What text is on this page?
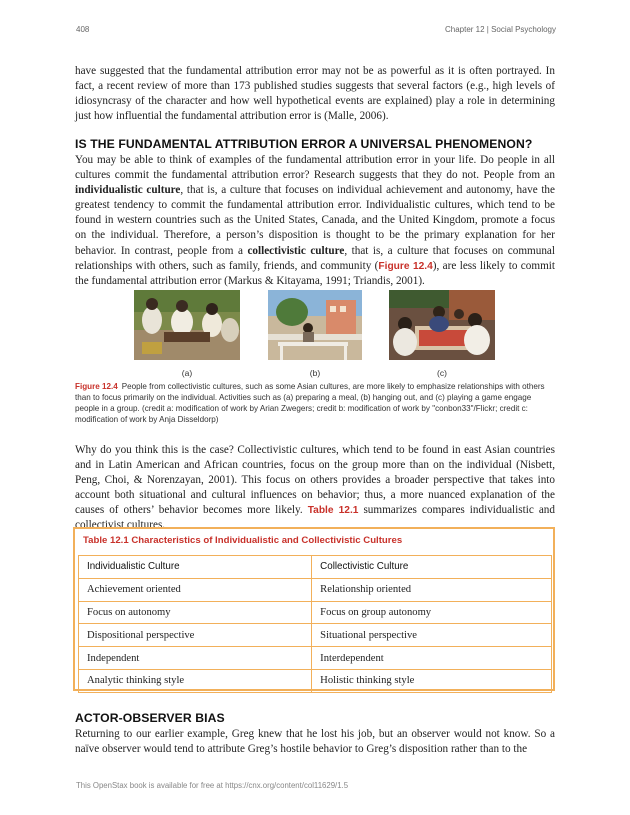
408	Chapter 12 | Social Psychology
have suggested that the fundamental attribution error may not be as powerful as it is often portrayed. In fact, a recent review of more than 173 published studies suggests that several factors (e.g., high levels of idiosyncrasy of the character and how well hypothetical events are explained) play a role in determining just how influential the fundamental attribution error is (Malle, 2006).
IS THE FUNDAMENTAL ATTRIBUTION ERROR A UNIVERSAL PHENOMENON?
You may be able to think of examples of the fundamental attribution error in your life. Do people in all cultures commit the fundamental attribution error? Research suggests that they do not. People from an individualistic culture, that is, a culture that focuses on individual achievement and autonomy, have the greatest tendency to commit the fundamental attribution error. Individualistic cultures, which tend to be found in western countries such as the United States, Canada, and the United Kingdom, promote a focus on the individual. Therefore, a person’s disposition is thought to be the primary explanation for her behavior. In contrast, people from a collectivistic culture, that is, a culture that focuses on communal relationships with others, such as family, friends, and community (Figure 12.4), are less likely to commit the fundamental attribution error (Markus & Kitayama, 1991; Triandis, 2001).
(a)	(b)	(c)
Figure 12.4 People from collectivistic cultures, such as some Asian cultures, are more likely to emphasize relationships with others than to focus primarily on the individual. Activities such as (a) preparing a meal, (b) hanging out, and (c) playing a game engage people in a group. (credit a: modification of work by Arian Zwegers; credit b: modification of work by "conbon33"/Flickr; credit c: modification of work by Anja Disseldorp)
Why do you think this is the case? Collectivistic cultures, which tend to be found in east Asian countries and in Latin American and African countries, focus on the group more than on the individual (Nisbett, Peng, Choi, & Norenzayan, 2001). This focus on others provides a broader perspective that takes into account both situational and cultural influences on behavior; thus, a more nuanced explanation of the causes of others’ behavior becomes more likely. Table 12.1 summarizes compares individualistic and collectivist cultures.
Table 12.1 Characteristics of Individualistic and Collectivistic Cultures
Individualistic Culture	Collectivistic Culture
Achievement oriented	Relationship oriented
Focus on autonomy	Focus on group autonomy
Dispositional perspective	Situational perspective
Independent	Interdependent
Analytic thinking style	Holistic thinking style
ACTOR-OBSERVER BIAS
Returning to our earlier example, Greg knew that he lost his job, but an observer would not know. So a naïve observer would tend to attribute Greg’s hostile behavior to Greg’s disposition rather than to the
This OpenStax book is available for free at https://cnx.org/content/col11629/1.5
